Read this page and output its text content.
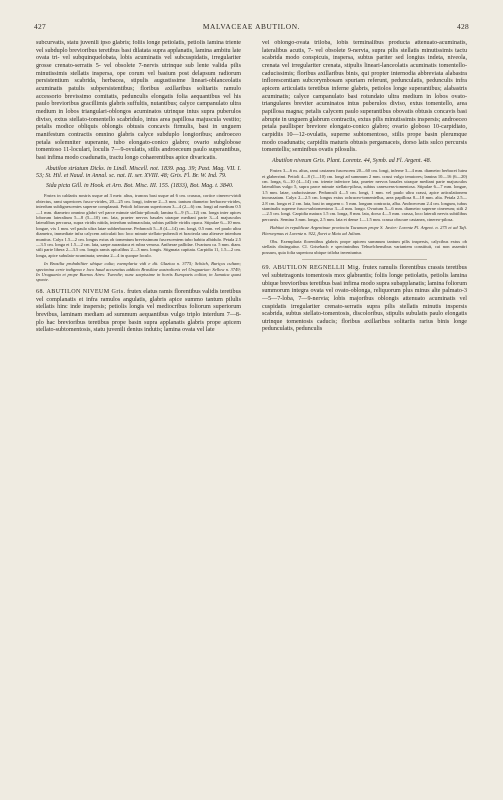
427	MALVACEAE ABUTILON.	428

subcurvatis, statu juvenili ipso glabris; foliis longe petiolatis, petiolis lamina triente vel subduplo brevioribus teretibus basi dilatata supra applanatis, lamina ambitu late ovata tri- vel subquinquelobata, lobis acuminatis vel subcuspidatis, irregulariter grosse crenato-serratis 5- vel obsolete 7-nervis utrinque sub lente valida pilis minutissimis stellatis inspersa, ope corum vel basium post delapsum radiorum persistentium scabrida, herbacea, stipulis augustissime lineari-oblanceolatis acuminatis patulis subpersistentibus; floribus axillaribus solitariis ramulo accessorio brevissimo comitatis, pedunculis elongatis folia aequantibus vel his paulo brevioribus gracillimis glabris suffultis, nutantibus; calyce campanulato ultra medium in lobos triangulari-oblongos acuminatos utrinque intus supra puberulos diviso, extus stellato-tomentello scabridulo, intus area papillosa majuscula vestito; petalis modice obliquis oblongis obtusis concavis firmulis, basi in unguem manifestum contractis omnino glabris calyce subduplo longioribus; androeceo petala solemniter superante, tubo elongato-conico glabro; ovario subglobose tomentoso 11-loculari, loculis 7—9-ovulatis, stilis androeceum paulo superantibus, basi infima modo coadunatis, tractu longo cohaerentibus apice divaricatis.

Abutilon striatum Dicks. in Lindl. Miscell. not. 1839. pag. 39; Paxt. Mag. VII. I. 53; St. Hil. et Naud. in Annal. sc. nat. II. ser. XVIII. 48; Gris. Fl. Br. W. Ind. 79.

Sida picta Gill. in Hook. et Arn. Bot. Misc. III. 155. (1833), Bot. Mag. t. 3840.

Frutex in caldariis nostris usque ad 3 metr. altus, truncus basi usque ad 6 cm. crassus, cortice cinereo-viridi obtectus, rami superiores fusco-virides, 20—25 cm. longi, inferne 2—3 mm. tantum diametro herbaceo-virides, interdum sublignescentes superne complanati. Petioli foliorum superiorum 3—4 (2—6) cm. longi ad medium 0.5—1 mm. diametro omnino glabri vel parce minute stellato-pilosuli; lamina 6—9 (5—12) cm. longa inter apices loborum lateralium 5—8 (5—10) cm. lata, praeter nervos basales utraque mediani parte 3—4 majusculos lateralibus percursa, supra viridis nitida, interdum submaculata, subtus pallide viridis opaca. Stipulae 6—10 mm. longae, vix 1 mm. vel paulo ultra latae subherbaceae. Pedunculi 5—8 (4—14) cm. longi, 0.5 mm. vel paulo ultra diametro, immediate infra calycem articulati hoc loco minute stellato-puberuli et bracteola una alterave interdum munitus. Calyx 1.5—2 cm. longus extus ob tomentum brevissimum fuscescentem tubo habitu albidulo. Petala 2.5—3.5 cm. longa et 1.5—2 cm. lata, saepe aurantiaca et rubra venosa. Antherae pallidae. Ovarium ca. 5 mm. diam. stili parte libera 2—3.5 cm. longis ramis apicalibus 2—3 mm. longis. Stigmata capitata. Carpidia 11, 1.5—2 cm. longa, apice subulato-acuminata; semina 2—4 in quoque loculo.

In Brasilia probabiliter ubique culta; exemplaria vidi e dit. Glaziou n. 3775; Schüch, Buriços cultam; specimina certe indigena e loco haud accuratius addicto Brasiliae australioris vel Uruguariae: Sellow n. 3749; In Uruguaria et prope Buenos Aires: Tweedie; nunc saepissime in hortis Europaeis colitur, in Jamaica quasi sponte.

68. ABUTILON NIVEUM Gris. frutex elatus ramis florentibus validis teretibus vel complanatis et infra ramulos angulatis, glabris apice summo tantum pilulis stellatis hinc inde inspersis; petiolis longis vel mediocribus foliorum superiorum brevibus, laminam mediam ad summum aequantibus vulgo triplo interdum 7—8-plo hac brevioribus teretibus prope basin supra applanatis glabris prope apicem stellato-subtomentosis, statu juvenili denius indutis; lamina ovata vel late

vel oblongo-ovata triloba, lobis terminalibus producta attenuato-acuminatis, lateralibus acutis, 7- vel obsolete 9-nervia, supra pilis stellatis minutissimis tactu scabrida modo conspicuis, inspersa, subtus pariter sed longius indeta, niveola, crenata vel irregulariter crenata, stipulis lineari-lanceolatis acuminatis tomentello-caducissimis; floribus axillaribus binis, qui propter internodia abbreviata alabastra inflorescentiam subcorymbosam spuriam referunt, pedunculatis, pedunculis infra apicem articulatis teretibus inferne glabris, petiolos longe superantibus; alabastris acuminatis; calyce campanulato basi rotundato ultra medium in lobos ovato-triangulares breviter acuminatos intus puberulos diviso, extus tomentello, area papillosa magna; petalis calycem paulo superantibus obovatis obtusis concavis basi abrupte in unguem glabrum contractis, extus pilis minutissimis inspersis; androeceo petala paullisper breviore elongato-conico glabro; ovario globoso 10-carpidiato, carpidiis 10—12-ovulatis, superne subtomentoso, stilis prope basin plerumque modo coadunatis; carpidiis maturis obtusis pergamaceis, dorso latis sulco percursis tomentellis; seminibus ovatis pilosulis.

Abutilon niveum Gris. Plant. Lorentz. 44, Symb. ad Fl. Argent. 48.

Frutex 3—6 m. altus, rami castanea fuscescens 20—60 cm. longi, inferne 3—4 mm. diametro herbacei lutea et glaberrimi. Petioli 4—8 (1—10) cm. longi ad summum 2 mm. crassi vulgo tenuiores; lamina 10—16 (6—20) cm. longa, 6—10 (4—14) cm. triente inferiore lata, praeter nervos basales utraque mediani parte majusculos lateralibus vulgo 5, supra parce minute stellato-pilosa, subtus canescens-tomentosa. Stipulae 6—7 mm. longae, 1.5 mm. latae, caducissimae. Pedunculi 4—5 cm. longi, 1 mm. vel paulo ultra crassi, apice articulationem incrassatam. Calyx 2—2.5 cm. longus extus ochraceo-tomentellus, area papillosa 8—10 mm. alta. Petala 2.5—2.8 cm. longa et 2 cm. lata, basi in unguem c. 5 mm. longum contracta, alba. Androeceum 2.4 cm. longum, tubus staminalis superne fusco-subtomentoso 3—4 mm. longo. Ovarium 5—6 mm. diametro superne cinereum; stili 2—2.5 cm. longi. Carpidia matura 1.5 cm. longa, 8 mm. lata, dorso 4—5 mm. crassa, loco laterali nervis subtilibus percursis. Semina 3 mm. longa, 2.5 mm. lata et dense 1—1.5 mm. crassa obscure castanea, cinereo-pilosa.

Habitat in republicae Argentinae provincia Tucuman prope S. Javier: Lorentz Fl. Argent. n. 275 et ad Tafi. Hieronymus et Lorentz n. 922, floret a Maio ad Julium.

Obs. Exemplaria florentibus glabris prope apicem summum tantum pilis inspersis, calycibus extus ob stellatis distinguitur. Cl. Grisebach e speciminibus Tehuelchensibus variantem constituit, cui non assentiri possum, quia folia superiora ubique triloba inveniuntur.

69. ABUTILON REGNELLII Mig. frutex ramulis florentibus crassis teretibus vel subtetragonis tomentosis mox glabrantis; foliis longe petiolatis, petiolis lamina ubique brevioribus teretibus basi infima modo supra subapplanatis; lamina foliorum summorum integra ovata vel ovato-oblonga, reliquorum plus minus alte palmato-3—5—7-loba, 7—9-nervia; lobis majoribus oblongis attenuato acuminatis vel cuspidatis irregulariter crenato-serratis supra pilis stellatis minutis inspersis scabrida, subtus stellato-tomentosis, discoloribus, stipulis subulatis paulo elongatis utrinque tomentosis caducis; floribus axillaribus solitariis rarius binis longe pedunculatis, pedunculis
